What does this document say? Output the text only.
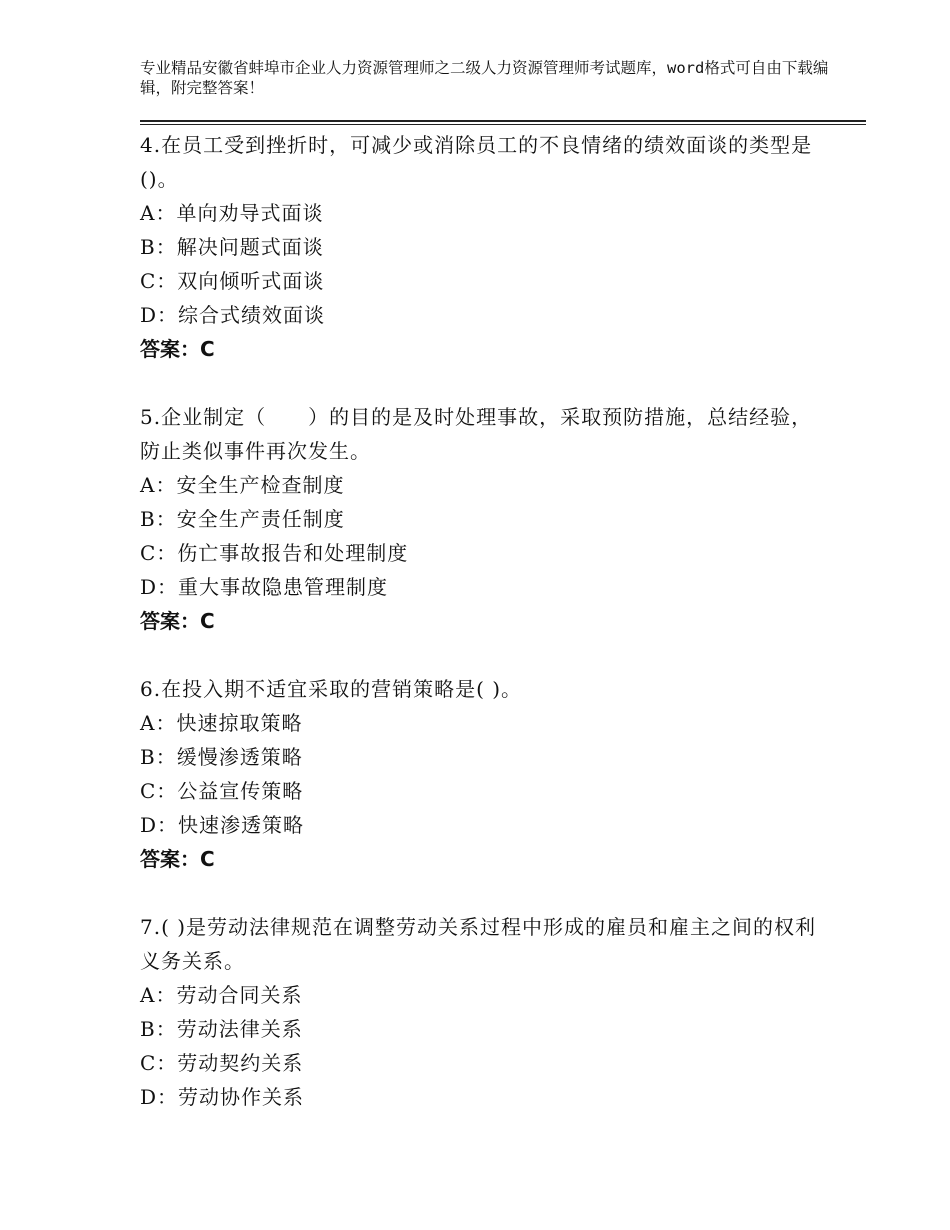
专业精品安徽省蚌埠市企业人力资源管理师之二级人力资源管理师考试题库，word格式可自由下载编辑，附完整答案！
4.在员工受到挫折时，可减少或消除员工的不良情绪的绩效面谈的类型是()。
A：单向劝导式面谈
B：解决问题式面谈
C：双向倾听式面谈
D：综合式绩效面谈
答案：C
5.企业制定（　　）的目的是及时处理事故，采取预防措施，总结经验，防止类似事件再次发生。
A：安全生产检查制度
B：安全生产责任制度
C：伤亡事故报告和处理制度
D：重大事故隐患管理制度
答案：C
6.在投入期不适宜采取的营销策略是( )。
A：快速掠取策略
B：缓慢渗透策略
C：公益宣传策略
D：快速渗透策略
答案：C
7.( )是劳动法律规范在调整劳动关系过程中形成的雇员和雇主之间的权利义务关系。
A：劳动合同关系
B：劳动法律关系
C：劳动契约关系
D：劳动协作关系
